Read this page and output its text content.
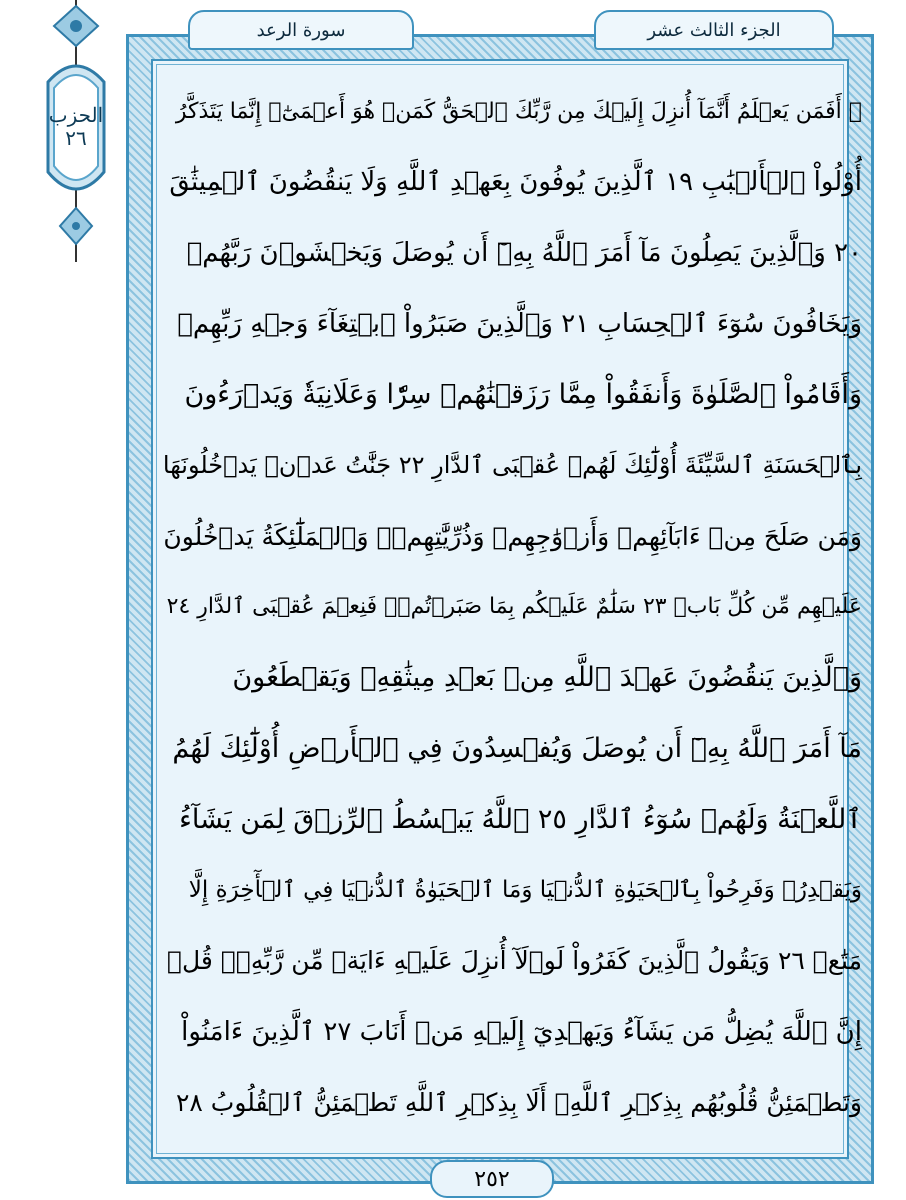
الحزب
٢٦
الجزء الثالث عشر
سورة الرعد
۞ أَفَمَن يَعۡلَمُ أَنَّمَآ أُنزِلَ إِلَيۡكَ مِن رَّبِّكَ ٱلۡحَقُّ كَمَنۡ هُوَ أَعۡمَىٰٓۚ إِنَّمَا يَتَذَكَّرُ
أُوْلُواْ ٱلۡأَلۡبَٰبِ ١٩ ٱلَّذِينَ يُوفُونَ بِعَهۡدِ ٱللَّهِ وَلَا يَنقُضُونَ ٱلۡمِيثَٰقَ
٢٠ وَٱلَّذِينَ يَصِلُونَ مَآ أَمَرَ ٱللَّهُ بِهِۦٓ أَن يُوصَلَ وَيَخۡشَوۡنَ رَبَّهُمۡ
وَيَخَافُونَ سُوٓءَ ٱلۡحِسَابِ ٢١ وَٱلَّذِينَ صَبَرُواْ ٱبۡتِغَآءَ وَجۡهِ رَبِّهِمۡ
وَأَقَامُواْ ٱلصَّلَوٰةَ وَأَنفَقُواْ مِمَّا رَزَقۡنَٰهُمۡ سِرّٗا وَعَلَانِيَةٗ وَيَدۡرَءُونَ
بِٱلۡحَسَنَةِ ٱلسَّيِّئَةَ أُوْلَٰٓئِكَ لَهُمۡ عُقۡبَى ٱلدَّارِ ٢٢ جَنَّٰتُ عَدۡنٖ يَدۡخُلُونَهَا
وَمَن صَلَحَ مِنۡ ءَابَآئِهِمۡ وَأَزۡوَٰجِهِمۡ وَذُرِّيَّٰتِهِمۡۖ وَٱلۡمَلَٰٓئِكَةُ يَدۡخُلُونَ
عَلَيۡهِم مِّن كُلِّ بَابٖ ٢٣ سَلَٰمٌ عَلَيۡكُم بِمَا صَبَرۡتُمۡۚ فَنِعۡمَ عُقۡبَى ٱلدَّارِ ٢٤
وَٱلَّذِينَ يَنقُضُونَ عَهۡدَ ٱللَّهِ مِنۢ بَعۡدِ مِيثَٰقِهِۦ وَيَقۡطَعُونَ
مَآ أَمَرَ ٱللَّهُ بِهِۦٓ أَن يُوصَلَ وَيُفۡسِدُونَ فِي ٱلۡأَرۡضِ أُوْلَٰٓئِكَ لَهُمُ
ٱللَّعۡنَةُ وَلَهُمۡ سُوٓءُ ٱلدَّارِ ٢٥ ٱللَّهُ يَبۡسُطُ ٱلرِّزۡقَ لِمَن يَشَآءُ
وَيَقۡدِرُۚ وَفَرِحُواْ بِٱلۡحَيَوٰةِ ٱلدُّنۡيَا وَمَا ٱلۡحَيَوٰةُ ٱلدُّنۡيَا فِي ٱلۡأٓخِرَةِ إِلَّا
مَتَٰعٞ ٢٦ وَيَقُولُ ٱلَّذِينَ كَفَرُواْ لَوۡلَآ أُنزِلَ عَلَيۡهِ ءَايَةٞ مِّن رَّبِّهِۦۚ قُلۡ
إِنَّ ٱللَّهَ يُضِلُّ مَن يَشَآءُ وَيَهۡدِيٓ إِلَيۡهِ مَنۡ أَنَابَ ٢٧ ٱلَّذِينَ ءَامَنُواْ
وَتَطۡمَئِنُّ قُلُوبُهُم بِذِكۡرِ ٱللَّهِۗ أَلَا بِذِكۡرِ ٱللَّهِ تَطۡمَئِنُّ ٱلۡقُلُوبُ ٢٨
٢٥٢
